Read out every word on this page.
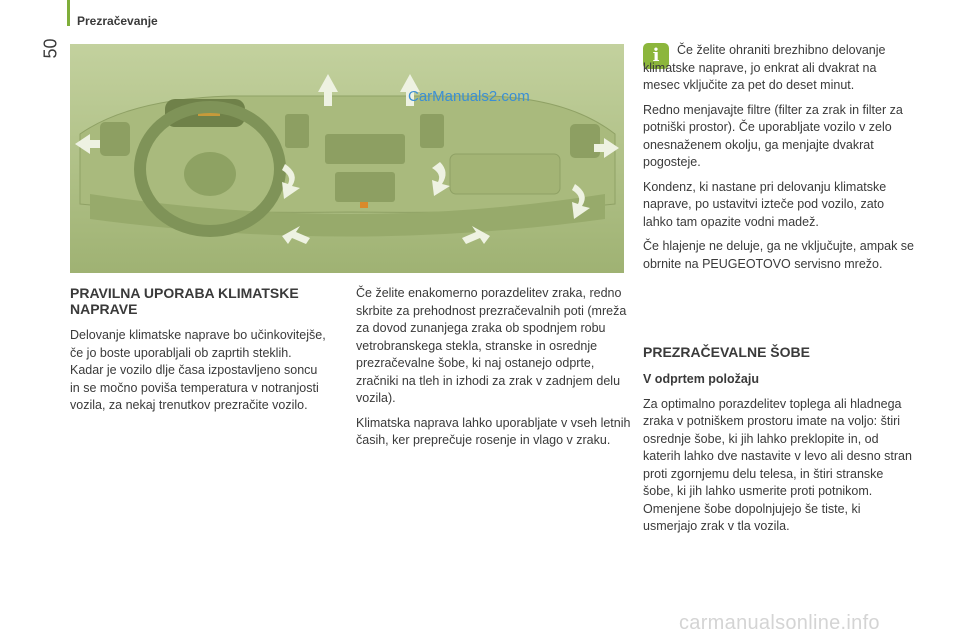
Prezračevanje
50
CarManuals2.com
i	Če želite ohraniti brezhibno delovanje klimatske naprave, jo enkrat ali dvakrat na mesec vključite za pet do deset minut.

Redno menjavajte filtre (filter za zrak in filter za potniški prostor). Če uporabljate vozilo v zelo onesnaženem okolju, ga menjajte dvakrat pogosteje.

Kondenz, ki nastane pri delovanju klimatske naprave, po ustavitvi izteče pod vozilo, zato lahko tam opazite vodni madež.

Če hlajenje ne deluje, ga ne vključujte, ampak se obrnite na PEUGEOTOVO servisno mrežo.

PRAVILNA UPORABA KLIMATSKE NAPRAVE

Delovanje klimatske naprave bo učinkovitejše, če jo boste uporabljali ob zaprtih steklih. Kadar je vozilo dlje časa izpostavljeno soncu in se močno poviša temperatura v notranjosti vozila, za nekaj trenutkov prezračite vozilo.

Če želite enakomerno porazdelitev zraka, redno skrbite za prehodnost prezračevalnih poti (mreža za dovod zunanjega zraka ob spodnjem robu vetrobranskega stekla, stranske in osrednje prezračevalne šobe, ki naj ostanejo odprte, zračniki na tleh in izhodi za zrak v zadnjem delu vozila).

Klimatska naprava lahko uporabljate v vseh letnih časih, ker preprečuje rosenje in vlago v zraku.

PREZRAČEVALNE ŠOBE

V odprtem položaju

Za optimalno porazdelitev toplega ali hladnega zraka v potniškem prostoru imate na voljo: štiri osrednje šobe, ki jih lahko preklopite in, od katerih lahko dve nastavite v levo ali desno stran proti zgornjemu delu telesa, in štiri stranske šobe, ki jih lahko usmerite proti potnikom. Omenjene šobe dopolnjujejo še tiste, ki usmerjajo zrak v tla vozila.

carmanualsonline.info
